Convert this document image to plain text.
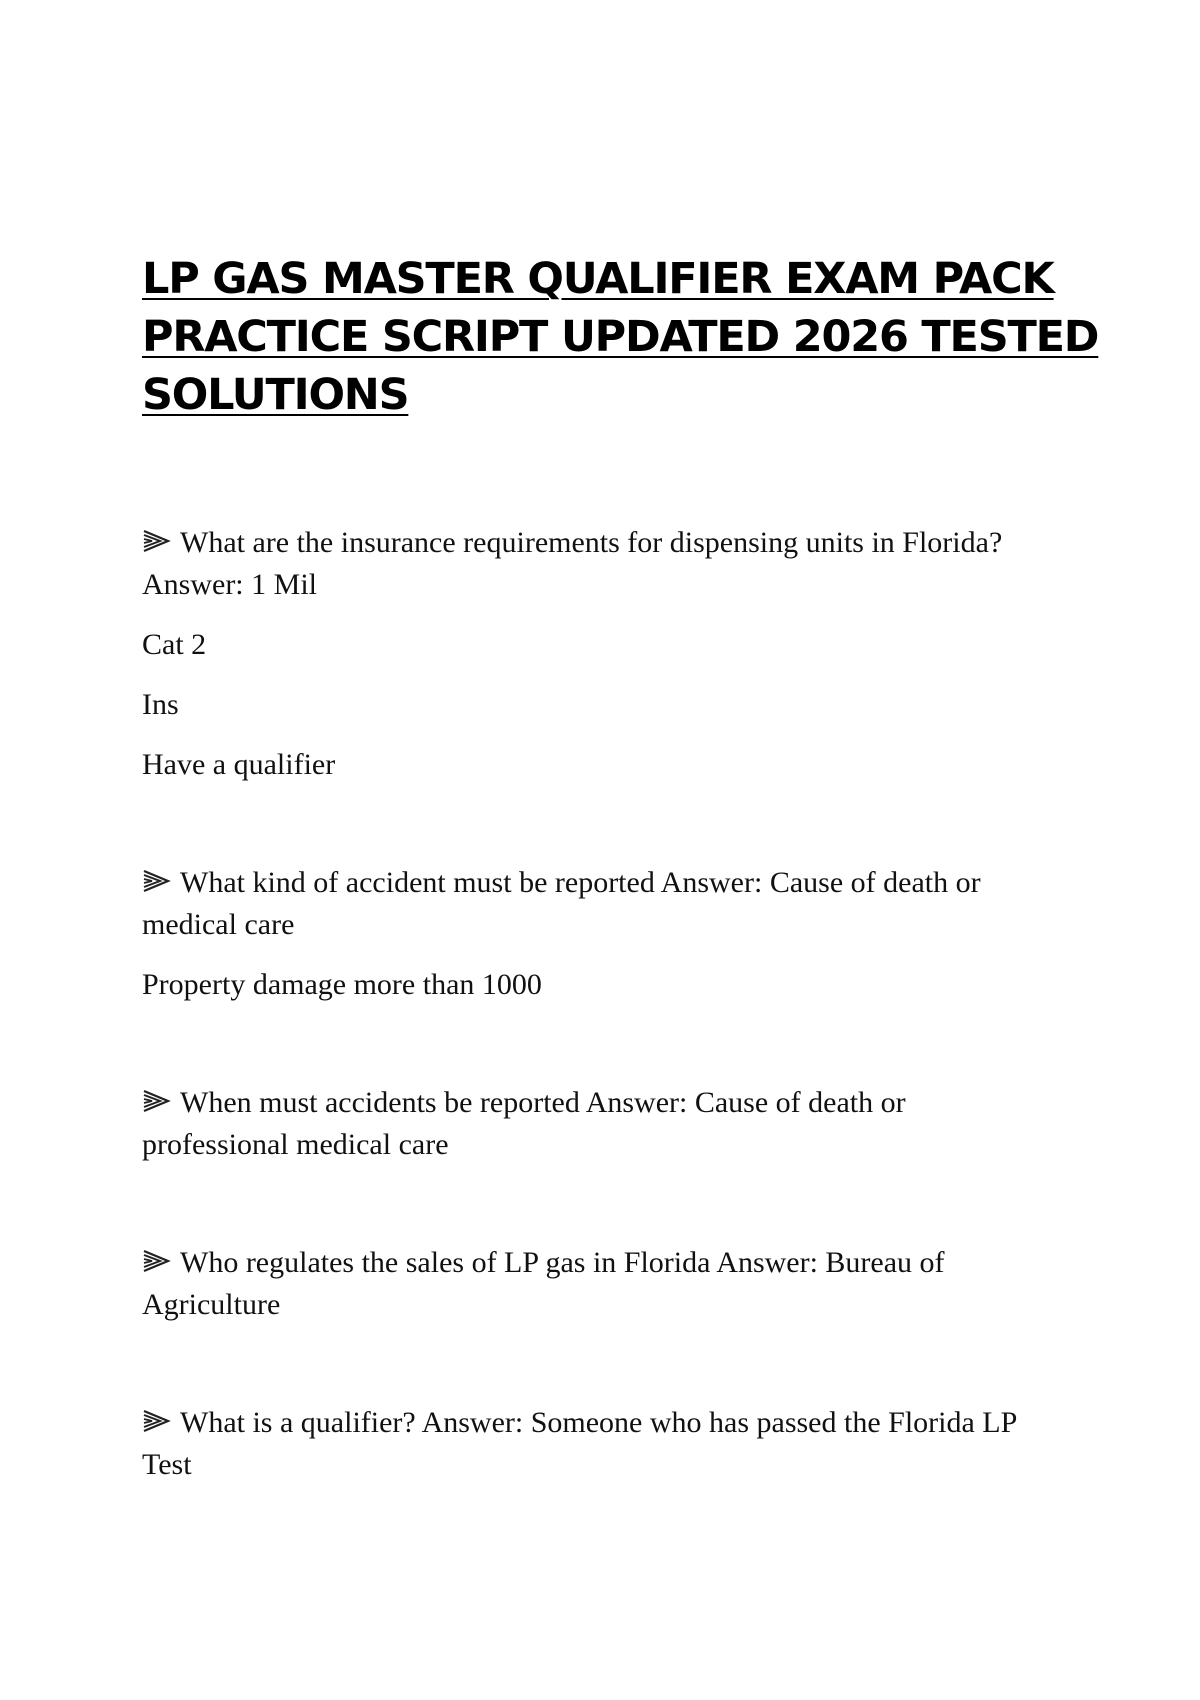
LP GAS MASTER QUALIFIER EXAM PACK
PRACTICE SCRIPT UPDATED 2026 TESTED
SOLUTIONS

What are the insurance requirements for dispensing units in Florida?

Answer: 1 Mil

Cat 2

Ins

Have a qualifier

What kind of accident must be reported Answer: Cause of death or

medical care

Property damage more than 1000

When must accidents be reported Answer: Cause of death or

professional medical care

Who regulates the sales of LP gas in Florida Answer: Bureau of

Agriculture

What is a qualifier? Answer: Someone who has passed the Florida LP

Test
